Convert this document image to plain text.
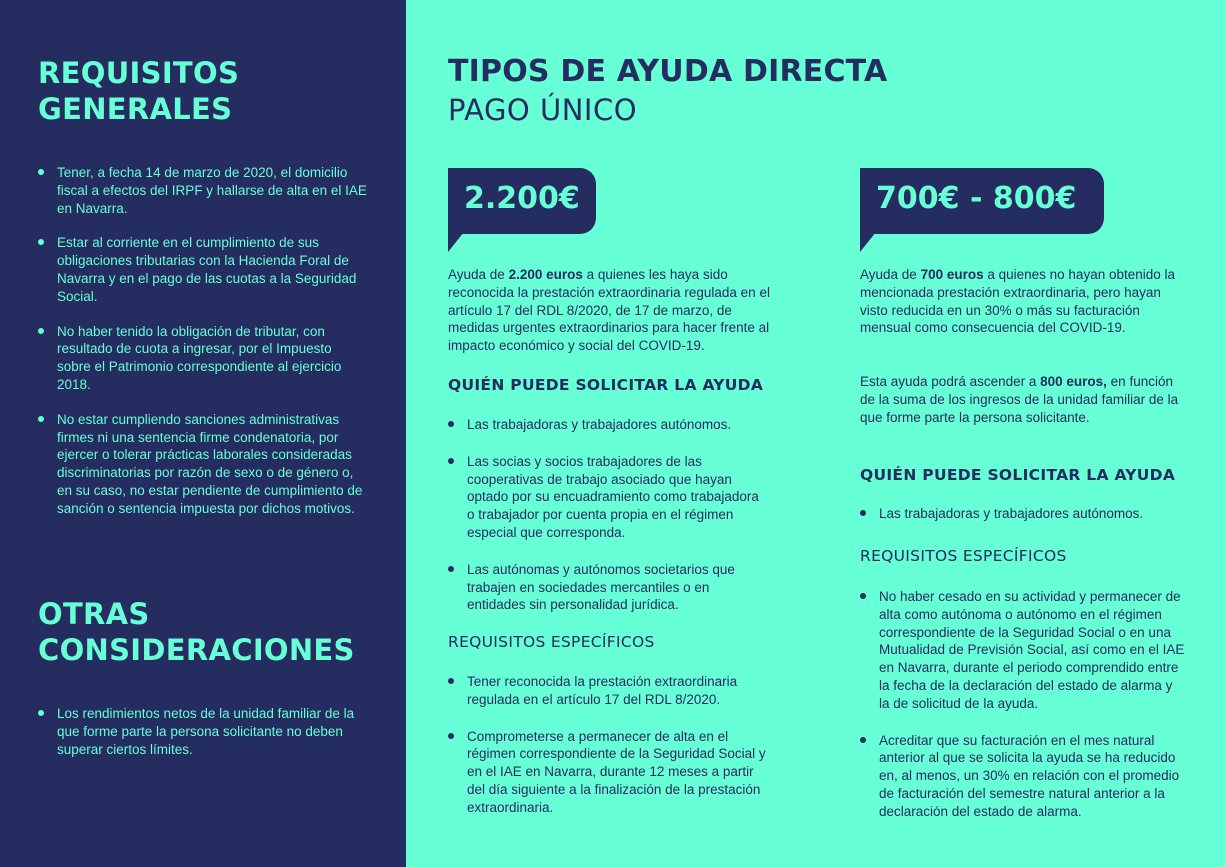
REQUISITOS
GENERALES
Tener, a fecha 14 de marzo de 2020, el domicilio fiscal a efectos del IRPF y hallarse de alta en el IAE en Navarra.
Estar al corriente en el cumplimiento de sus obligaciones tributarias con la Hacienda Foral de Navarra y en el pago de las cuotas a la Seguridad Social.
No haber tenido la obligación de tributar, con resultado de cuota a ingresar, por el Impuesto sobre el Patrimonio correspondiente al ejercicio 2018.
No estar cumpliendo sanciones administrativas firmes ni una sentencia firme condenatoria, por ejercer o tolerar prácticas laborales consideradas discriminatorias por razón de sexo o de género o, en su caso, no estar pendiente de cumplimiento de sanción o sentencia impuesta por dichos motivos.
OTRAS
CONSIDERACIONES
Los rendimientos netos de la unidad familiar de la que forme parte la persona solicitante no deben superar ciertos límites.
TIPOS DE AYUDA DIRECTA
PAGO ÚNICO
2.200€

Ayuda de 2.200 euros a quienes les haya sido reconocida la prestación extraordinaria regulada en el artículo 17 del RDL 8/2020, de 17 de marzo, de medidas urgentes extraordinarios para hacer frente al impacto económico y social del COVID-19.

QUIÉN PUEDE SOLICITAR LA AYUDA
Las trabajadoras y trabajadores autónomos.
Las socias y socios trabajadores de las cooperativas de trabajo asociado que hayan optado por su encuadramiento como trabajadora o trabajador por cuenta propia en el régimen especial que corresponda.
Las autónomas y autónomos societarios que trabajen en sociedades mercantiles o en entidades sin personalidad jurídica.
REQUISITOS ESPECÍFICOS
Tener reconocida la prestación extraordinaria regulada en el artículo 17 del RDL 8/2020.
Comprometerse a permanecer de alta en el régimen correspondiente de la Seguridad Social y en el IAE en Navarra, durante 12 meses a partir del día siguiente a la finalización de la prestación extraordinaria.
700€ - 800€

Ayuda de 700 euros a quienes no hayan obtenido la mencionada prestación extraordinaria, pero hayan visto reducida en un 30% o más su facturación mensual como consecuencia del COVID-19.

Esta ayuda podrá ascender a 800 euros, en función de la suma de los ingresos de la unidad familiar de la que forme parte la persona solicitante.

QUIÉN PUEDE SOLICITAR LA AYUDA
Las trabajadoras y trabajadores autónomos.
REQUISITOS ESPECÍFICOS
No haber cesado en su actividad y permanecer de alta como autónoma o autónomo en el régimen correspondiente de la Seguridad Social o en una Mutualidad de Previsión Social, así como en el IAE en Navarra, durante el periodo comprendido entre la fecha de la declaración del estado de alarma y la de solicitud de la ayuda.
Acreditar que su facturación en el mes natural anterior al que se solicita la ayuda se ha reducido en, al menos, un 30% en relación con el promedio de facturación del semestre natural anterior a la declaración del estado de alarma.
